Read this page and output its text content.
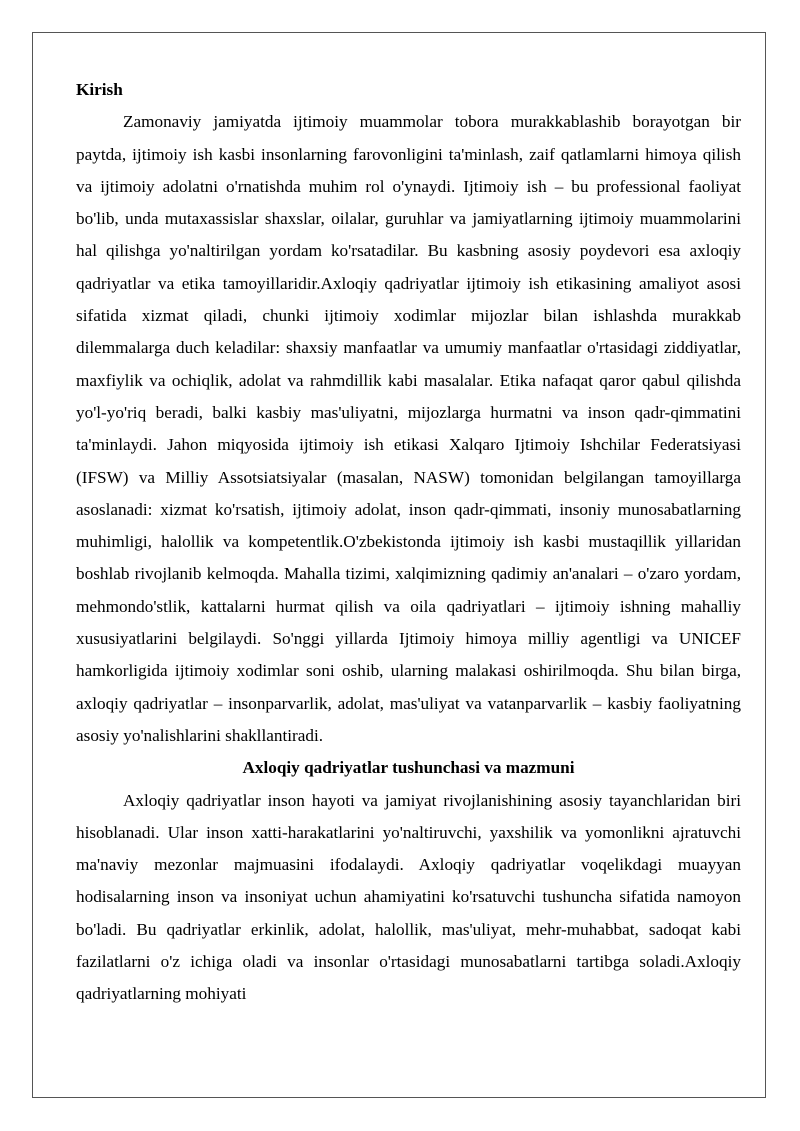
Kirish

Zamonaviy jamiyatda ijtimoiy muammolar tobora murakkablashib borayotgan bir paytda, ijtimoiy ish kasbi insonlarning farovonligini ta'minlash, zaif qatlamlarni himoya qilish va ijtimoiy adolatni o'rnatishda muhim rol o'ynaydi. Ijtimoiy ish – bu professional faoliyat bo'lib, unda mutaxassislar shaxslar, oilalar, guruhlar va jamiyatlarning ijtimoiy muammolarini hal qilishga yo'naltirilgan yordam ko'rsatadilar. Bu kasbning asosiy poydevori esa axloqiy qadriyatlar va etika tamoyillaridir.Axloqiy qadriyatlar ijtimoiy ish etikasining amaliyot asosi sifatida xizmat qiladi, chunki ijtimoiy xodimlar mijozlar bilan ishlashda murakkab dilemmalarga duch keladilar: shaxsiy manfaatlar va umumiy manfaatlar o'rtasidagi ziddiyatlar, maxfiylik va ochiqlik, adolat va rahmdillik kabi masalalar. Etika nafaqat qaror qabul qilishda yo'l-yo'riq beradi, balki kasbiy mas'uliyatni, mijozlarga hurmatni va inson qadr-qimmatini ta'minlaydi. Jahon miqyosida ijtimoiy ish etikasi Xalqaro Ijtimoiy Ishchilar Federatsiyasi (IFSW) va Milliy Assotsiatsiyalar (masalan, NASW) tomonidan belgilangan tamoyillarga asoslanadi: xizmat ko'rsatish, ijtimoiy adolat, inson qadr-qimmati, insoniy munosabatlarning muhimligi, halollik va kompetentlik.O'zbekistonda ijtimoiy ish kasbi mustaqillik yillaridan boshlab rivojlanib kelmoqda. Mahalla tizimi, xalqimizning qadimiy an'analari – o'zaro yordam, mehmondo'stlik, kattalarni hurmat qilish va oila qadriyatlari – ijtimoiy ishning mahalliy xususiyatlarini belgilaydi. So'nggi yillarda Ijtimoiy himoya milliy agentligi va UNICEF hamkorligida ijtimoiy xodimlar soni oshib, ularning malakasi oshirilmoqda. Shu bilan birga, axloqiy qadriyatlar – insonparvarlik, adolat, mas'uliyat va vatanparvarlik – kasbiy faoliyatning asosiy yo'nalishlarini shakllantiradi.

Axloqiy qadriyatlar tushunchasi va mazmuni

Axloqiy qadriyatlar inson hayoti va jamiyat rivojlanishining asosiy tayanchlaridan biri hisoblanadi. Ular inson xatti-harakatlarini yo'naltiruvchi, yaxshilik va yomonlikni ajratuvchi ma'naviy mezonlar majmuasini ifodalaydi. Axloqiy qadriyatlar voqelikdagi muayyan hodisalarning inson va insoniyat uchun ahamiyatini ko'rsatuvchi tushuncha sifatida namoyon bo'ladi. Bu qadriyatlar erkinlik, adolat, halollik, mas'uliyat, mehr-muhabbat, sadoqat kabi fazilatlarni o'z ichiga oladi va insonlar o'rtasidagi munosabatlarni tartibga soladi.Axloqiy qadriyatlarning mohiyati
